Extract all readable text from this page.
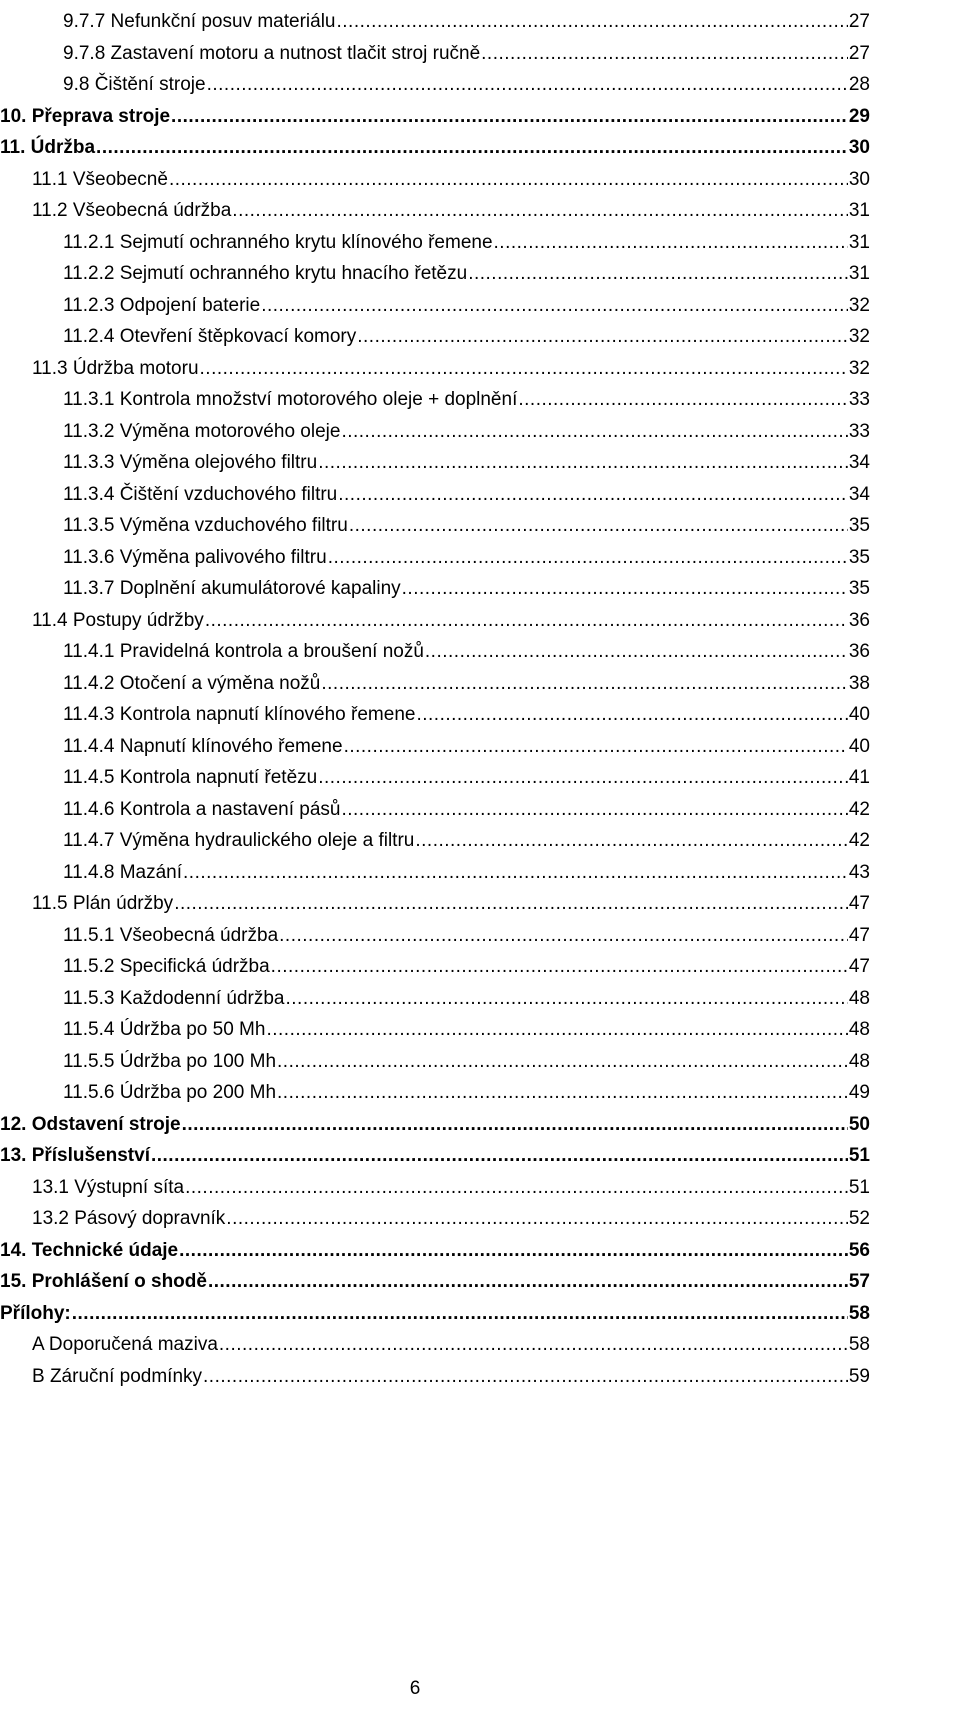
9.7.7 Nefunkční posuv materiálu .....	27
9.7.8 Zastavení motoru a nutnost tlačit stroj ručně .....	27
9.8 Čištění stroje .....	28
10. Přeprava stroje .....	29
11. Údržba .....	30
11.1 Všeobecně .....	30
11.2 Všeobecná údržba .....	31
11.2.1 Sejmutí ochranného krytu klínového řemene .....	31
11.2.2 Sejmutí ochranného krytu hnacího řetězu .....	31
11.2.3 Odpojení baterie .....	32
11.2.4 Otevření štěpkovací komory .....	32
11.3 Údržba motoru .....	32
11.3.1 Kontrola množství motorového oleje + doplnění .....	33
11.3.2 Výměna motorového oleje .....	33
11.3.3 Výměna olejového filtru .....	34
11.3.4 Čištění vzduchového filtru .....	34
11.3.5 Výměna vzduchového filtru .....	35
11.3.6 Výměna palivového filtru .....	35
11.3.7 Doplnění akumulátorové kapaliny .....	35
11.4 Postupy údržby .....	36
11.4.1 Pravidelná kontrola a broušení nožů .....	36
11.4.2 Otočení a výměna nožů .....	38
11.4.3 Kontrola napnutí klínového řemene .....	40
11.4.4 Napnutí klínového řemene .....	40
11.4.5 Kontrola napnutí řetězu .....	41
11.4.6 Kontrola a nastavení pásů .....	42
11.4.7 Výměna hydraulického oleje a filtru .....	42
11.4.8 Mazání .....	43
11.5 Plán údržby .....	47
11.5.1 Všeobecná údržba .....	47
11.5.2 Specifická údržba .....	47
11.5.3 Každodenní údržba .....	48
11.5.4 Údržba po 50 Mh .....	48
11.5.5 Údržba po 100 Mh .....	48
11.5.6 Údržba po 200 Mh .....	49
12. Odstavení stroje .....	50
13. Příslušenství .....	51
13.1 Výstupní síta .....	51
13.2 Pásový dopravník .....	52
14. Technické údaje .....	56
15. Prohlášení o shodě .....	57
Přílohy: .....	58
A Doporučená maziva .....	58
B Záruční podmínky .....	59
6
